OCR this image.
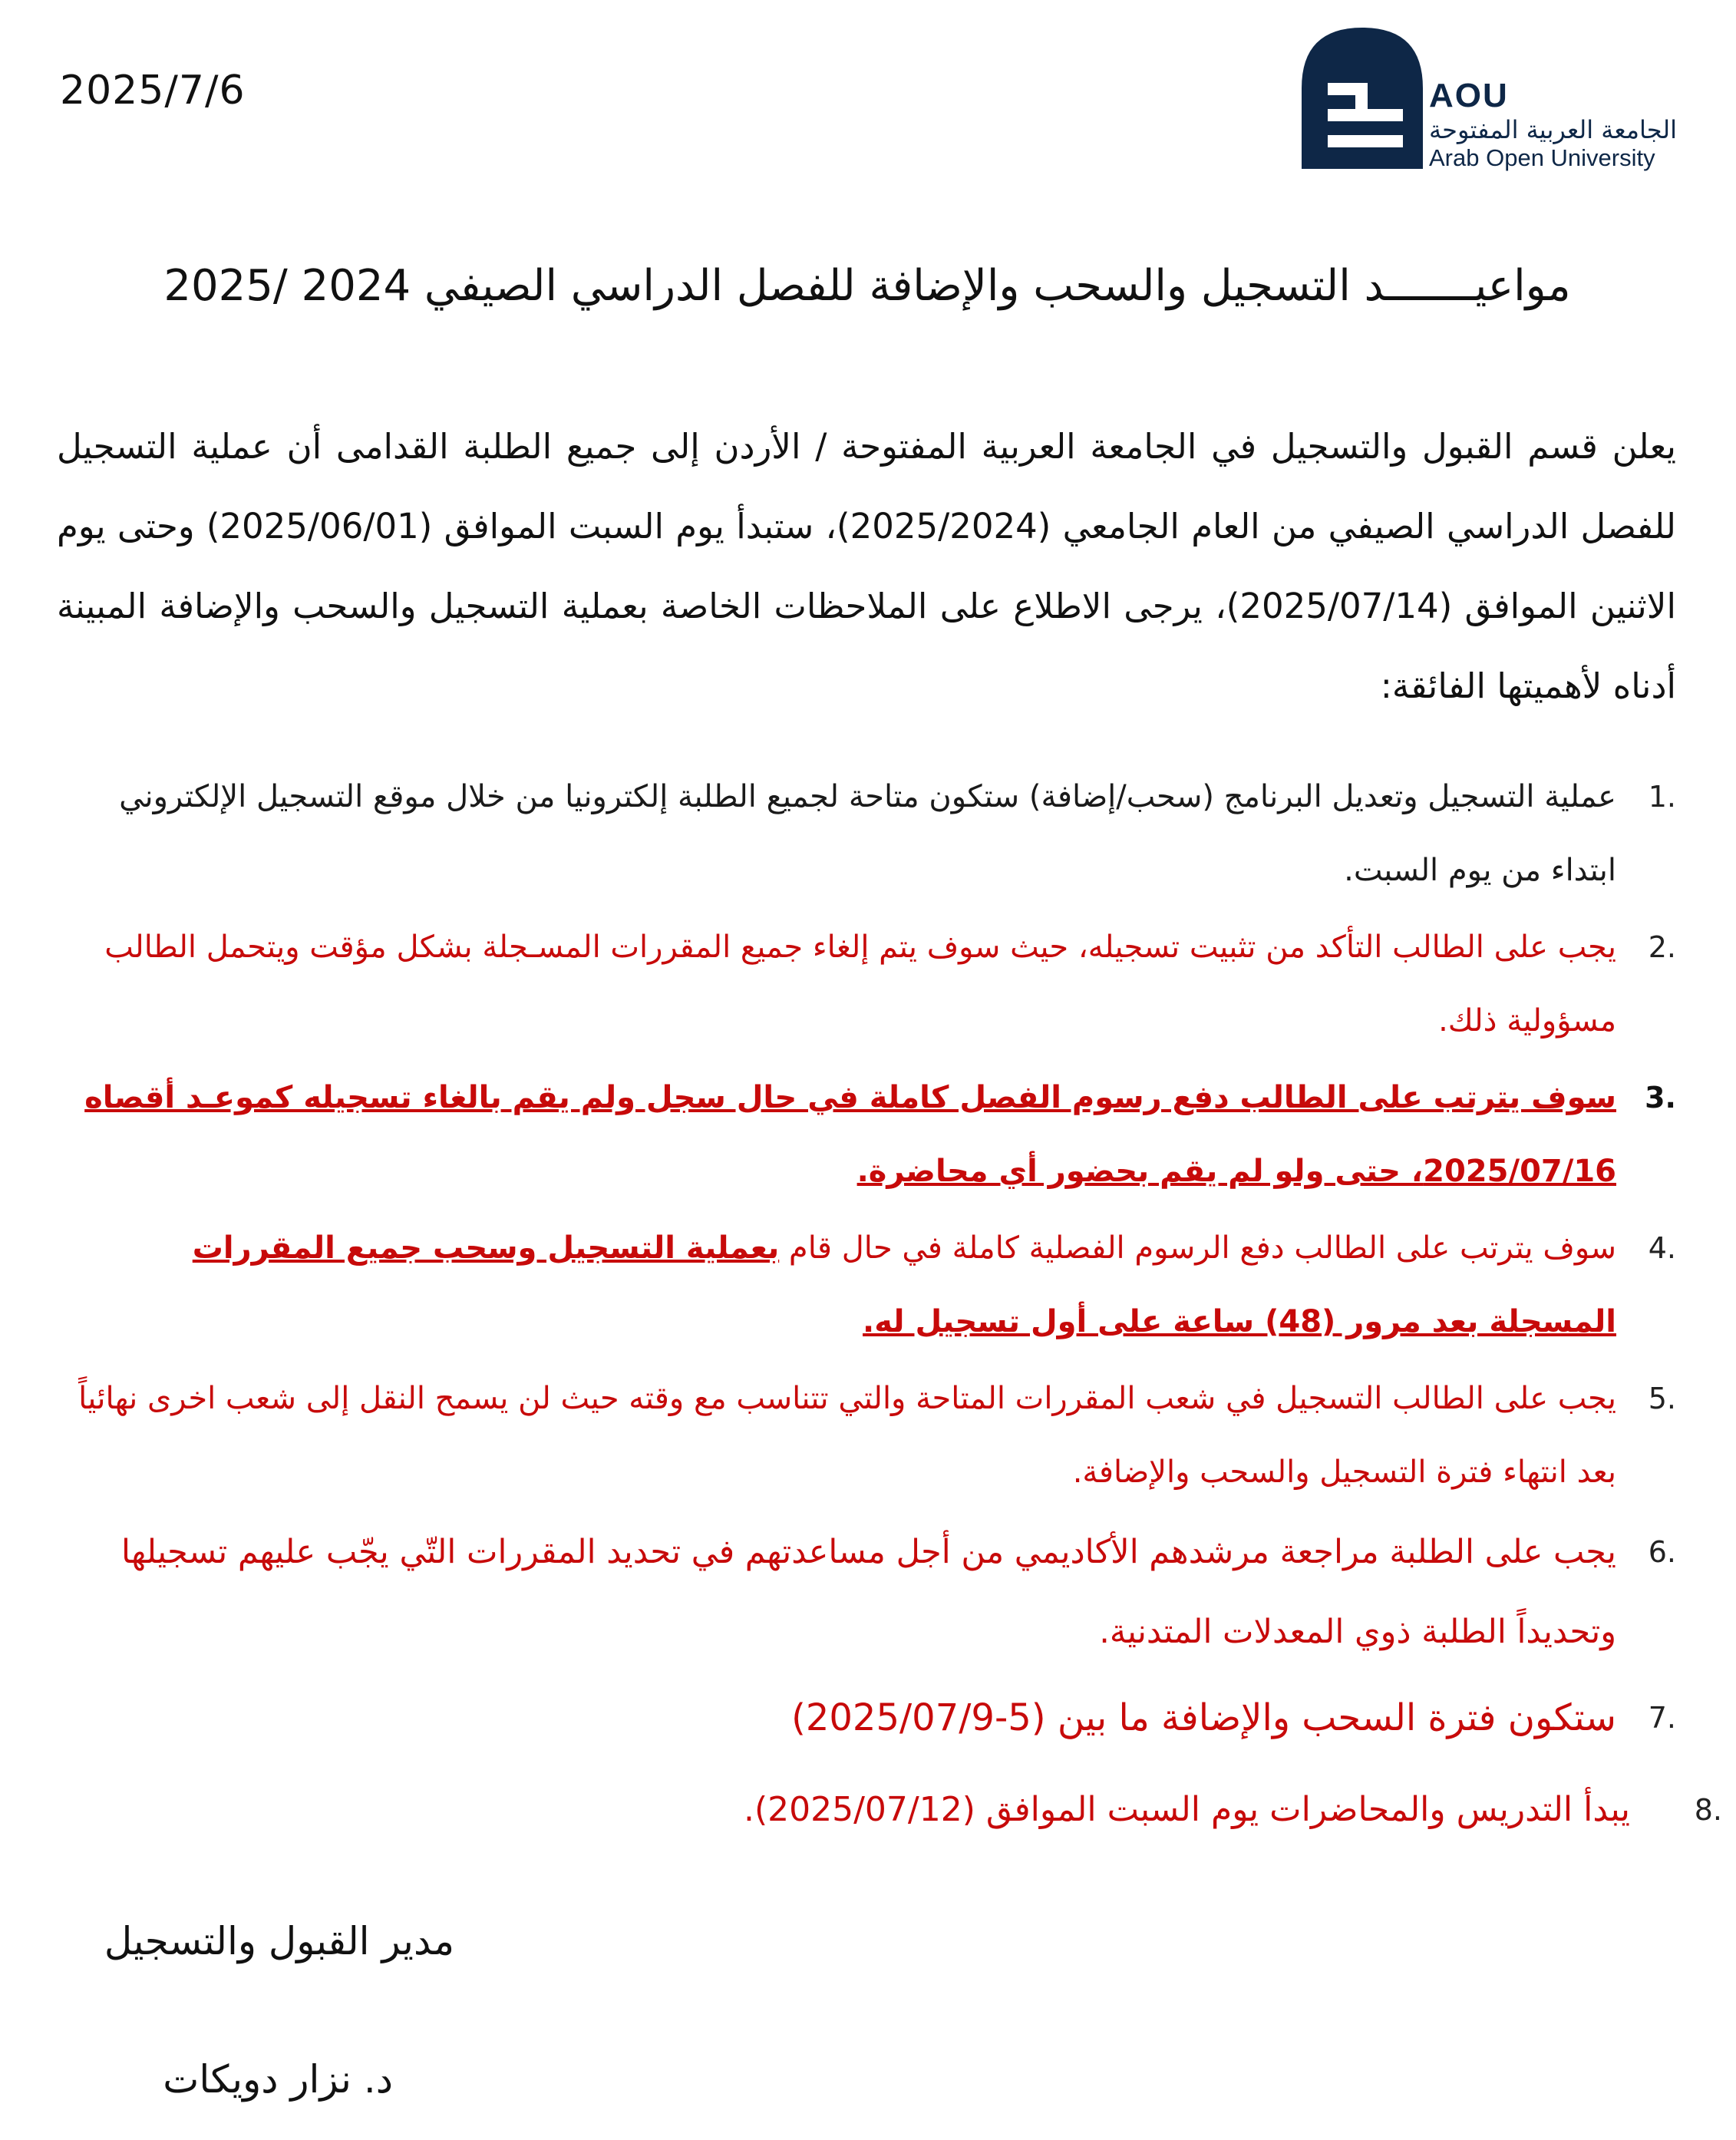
2025/7/6	AOU
الجامعة العربية المفتوحة
Arab Open University
مواعيـــــــد التسجيل والسحب والإضافة للفصل الدراسي الصيفي 2024 /2025
يعلن قسم القبول والتسجيل في الجامعة العربية المفتوحة / الأردن إلى جميع الطلبة القدامى أن عملية التسجيل للفصل الدراسي الصيفي من العام الجامعي (2025/2024)، ستبدأ يوم السبت الموافق (2025/06/01) وحتى يوم الاثنين الموافق (2025/07/14)، يرجى الاطلاع على الملاحظات الخاصة بعملية التسجيل والسحب والإضافة المبينة أدناه لأهميتها الفائقة:
1.
عملية التسجيل وتعديل البرنامج (سحب/إضافة) ستكون متاحة لجميع الطلبة إلكترونيا من خلال موقع التسجيل الإلكتروني ابتداء من يوم السبت.
2.
يجب على الطالب التأكد من تثبيت تسجيله، حيث سوف يتم إلغاء جميع المقررات المسـجلة بشكل مؤقت ويتحمل الطالب مسؤولية ذلك.
3.
سوف يترتب على الطالب دفع رسوم الفصل كاملة في حال سجل ولم يقم بالغاء تسجيله كموعـد أقصاه 2025/07/16، حتى ولو لم يقم بحضور أي محاضرة.
4.
سوف يترتب على الطالب دفع الرسوم الفصلية كاملة في حال قام بعملية التسجيل وسحب جميع المقررات المسجلة بعد مرور (48) ساعة على أول تسجيل له.
5.
يجب على الطالب التسجيل في شعب المقررات المتاحة والتي تتناسب مع وقته حيث لن يسمح النقل إلى شعب اخرى نهائياً بعد انتهاء فترة التسجيل والسحب والإضافة.
6.
يجب على الطلبة مراجعة مرشدهم الأكاديمي من أجل مساعدتهم في تحديد المقررات التّي يجّب عليهم تسجيلها وتحديداً الطلبة ذوي المعدلات المتدنية.
7.
ستكون فترة السحب والإضافة ما بين (5-2025/07/9)
8.
يبدأ التدريس والمحاضرات يوم السبت الموافق (2025/07/12).
مدير القبول والتسجيل
د. نزار دويكات
